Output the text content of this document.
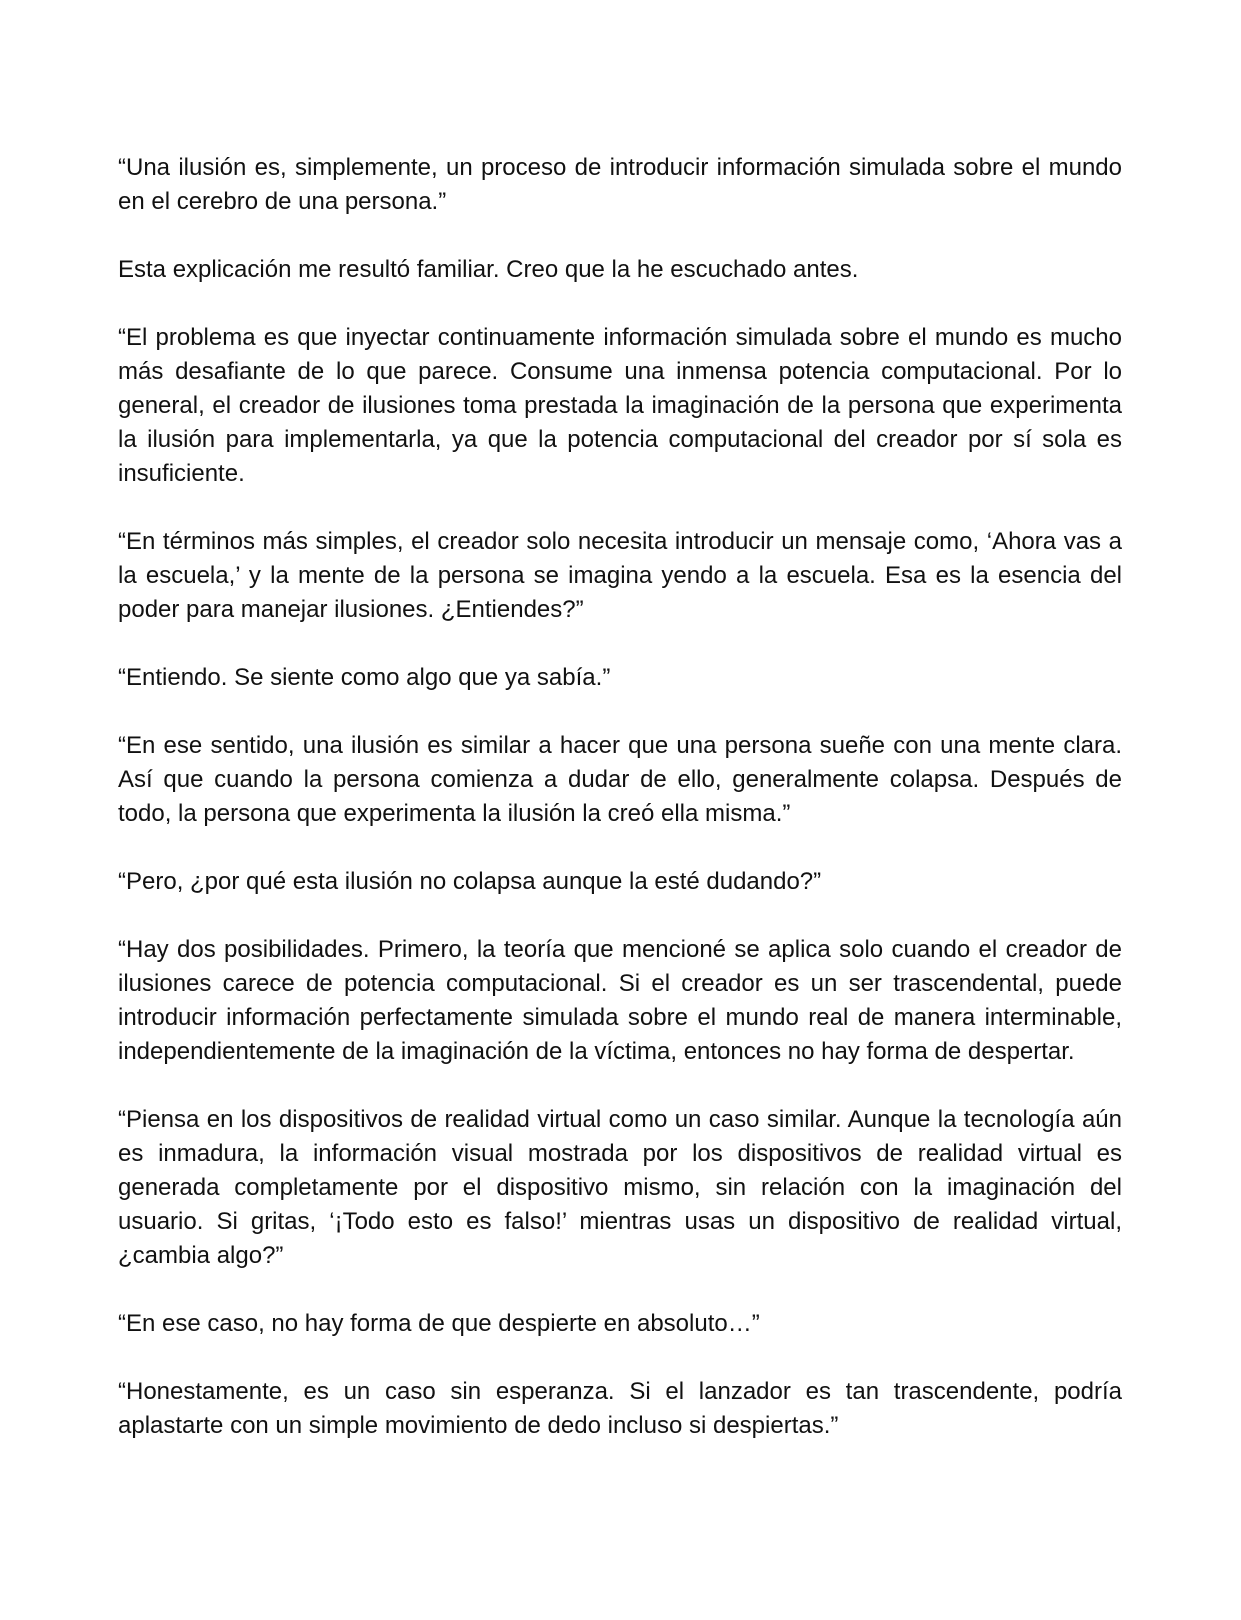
“Una ilusión es, simplemente, un proceso de introducir información simulada sobre el mundo en el cerebro de una persona.”

Esta explicación me resultó familiar. Creo que la he escuchado antes.

“El problema es que inyectar continuamente información simulada sobre el mundo es mucho más desafiante de lo que parece. Consume una inmensa potencia computacional. Por lo general, el creador de ilusiones toma prestada la imaginación de la persona que experimenta la ilusión para implementarla, ya que la potencia computacional del creador por sí sola es insuficiente.

“En términos más simples, el creador solo necesita introducir un mensaje como, ‘Ahora vas a la escuela,’ y la mente de la persona se imagina yendo a la escuela. Esa es la esencia del poder para manejar ilusiones. ¿Entiendes?”

“Entiendo. Se siente como algo que ya sabía.”

“En ese sentido, una ilusión es similar a hacer que una persona sueñe con una mente clara. Así que cuando la persona comienza a dudar de ello, generalmente colapsa. Después de todo, la persona que experimenta la ilusión la creó ella misma.”

“Pero, ¿por qué esta ilusión no colapsa aunque la esté dudando?”

“Hay dos posibilidades. Primero, la teoría que mencioné se aplica solo cuando el creador de ilusiones carece de potencia computacional. Si el creador es un ser trascendental, puede introducir información perfectamente simulada sobre el mundo real de manera interminable, independientemente de la imaginación de la víctima, entonces no hay forma de despertar.

“Piensa en los dispositivos de realidad virtual como un caso similar. Aunque la tecnología aún es inmadura, la información visual mostrada por los dispositivos de realidad virtual es generada completamente por el dispositivo mismo, sin relación con la imaginación del usuario. Si gritas, ‘¡Todo esto es falso!’ mientras usas un dispositivo de realidad virtual, ¿cambia algo?”

“En ese caso, no hay forma de que despierte en absoluto…”

“Honestamente, es un caso sin esperanza. Si el lanzador es tan trascendente, podría aplastarte con un simple movimiento de dedo incluso si despiertas.”
